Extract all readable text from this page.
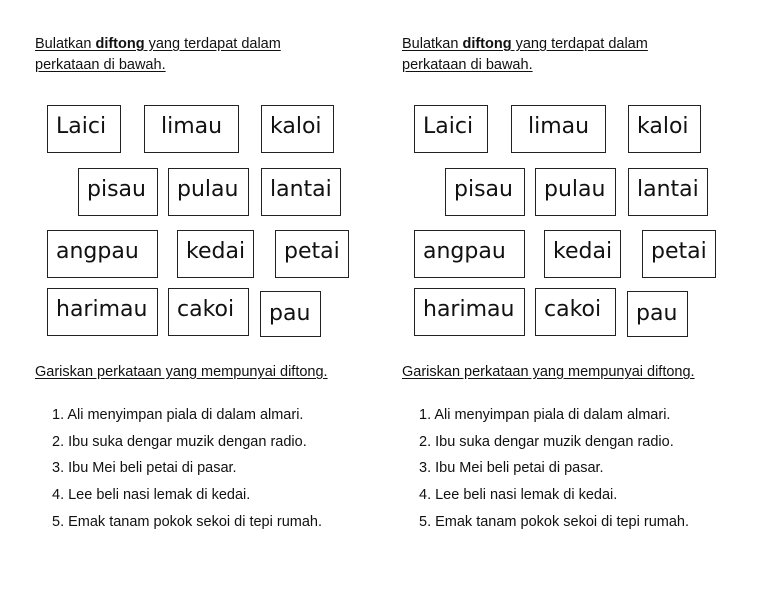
Bulatkan diftong yang terdapat dalam
perkataan di bawah.
Laici	limau	kaloi
pisau	pulau	lantai
angpau	kedai	petai
harimau	cakoi	pau
Gariskan perkataan yang mempunyai diftong.
1. Ali menyimpan piala di dalam almari.
2. Ibu suka dengar muzik dengan radio.
3. Ibu Mei beli petai di pasar.
4. Lee beli nasi lemak di kedai.
5. Emak tanam pokok sekoi di tepi rumah.
Bulatkan diftong yang terdapat dalam
perkataan di bawah.
Laici	limau	kaloi
pisau	pulau	lantai
angpau	kedai	petai
harimau	cakoi	pau
Gariskan perkataan yang mempunyai diftong.
1. Ali menyimpan piala di dalam almari.
2. Ibu suka dengar muzik dengan radio.
3. Ibu Mei beli petai di pasar.
4. Lee beli nasi lemak di kedai.
5. Emak tanam pokok sekoi di tepi rumah.
